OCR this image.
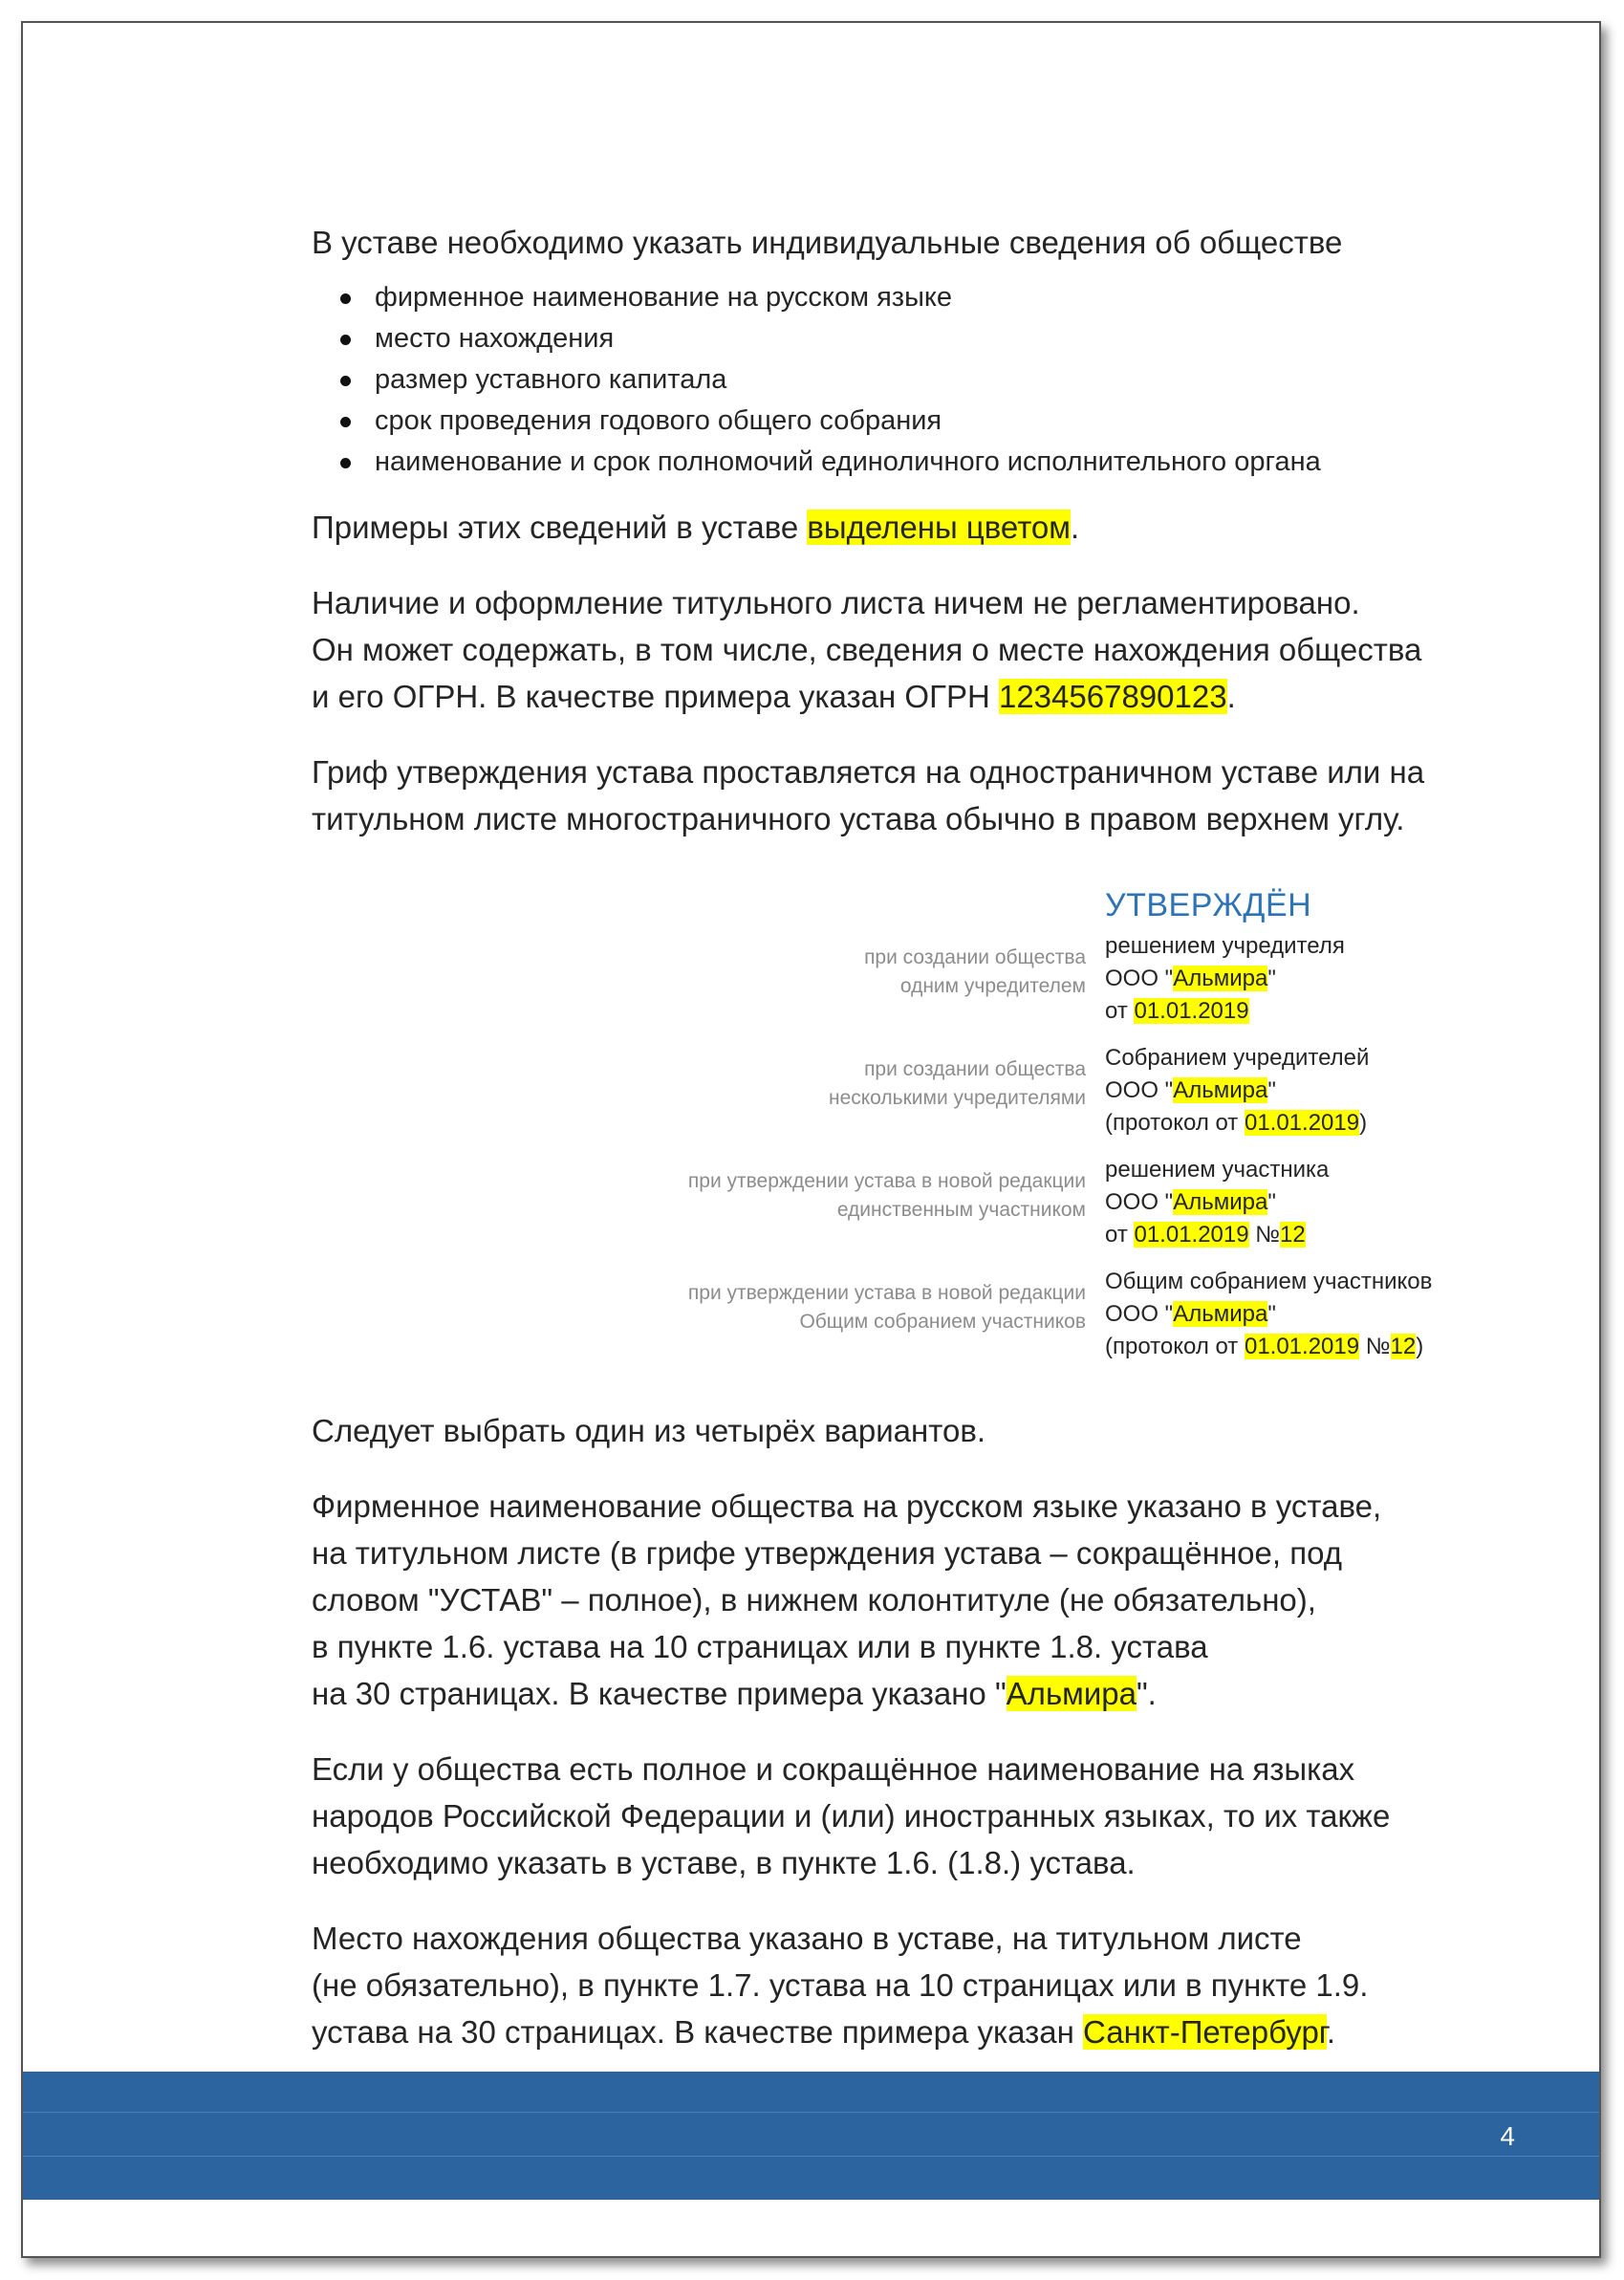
В уставе необходимо указать индивидуальные сведения об обществе

фирменное наименование на русском языке
место нахождения
размер уставного капитала
срок проведения годового общего собрания
наименование и срок полномочий единоличного исполнительного органа

Примеры этих сведений в уставе выделены цветом.

Наличие и оформление титульного листа ничем не регламентировано.

Он может содержать, в том числе, сведения о месте нахождения общества

и его ОГРН. В качестве примера указан ОГРН 1234567890123.

Гриф утверждения устава проставляется на одностраничном уставе или на

титульном листе многостраничного устава обычно в правом верхнем углу.

УТВЕРЖДЁН
при создании общества
одним учредителем
решением учредителя
ООО "Альмира"
от 01.01.2019
при создании общества
несколькими учредителями
Собранием учредителей
ООО "Альмира"
(протокол от 01.01.2019)
при утверждении устава в новой редакции
единственным участником
решением участника
ООО "Альмира"
от 01.01.2019 №12
при утверждении устава в новой редакции
Общим собранием участников
Общим собранием участников
ООО "Альмира"
(протокол от 01.01.2019 №12)

Следует выбрать один из четырёх вариантов.

Фирменное наименование общества на русском языке указано в уставе,

на титульном листе (в грифе утверждения устава – сокращённое, под

словом "УСТАВ" – полное), в нижнем колонтитуле (не обязательно),

в пункте 1.6. устава на 10 страницах или в пункте 1.8. устава

на 30 страницах. В качестве примера указано "Альмира".

Если у общества есть полное и сокращённое наименование на языках

народов Российской Федерации и (или) иностранных языках, то их также

необходимо указать в уставе, в пункте 1.6. (1.8.) устава.

Место нахождения общества указано в уставе, на титульном листе

(не обязательно), в пункте 1.7. устава на 10 страницах или в пункте 1.9.

устава на 30 страницах. В качестве примера указан Санкт-Петербург.

4
